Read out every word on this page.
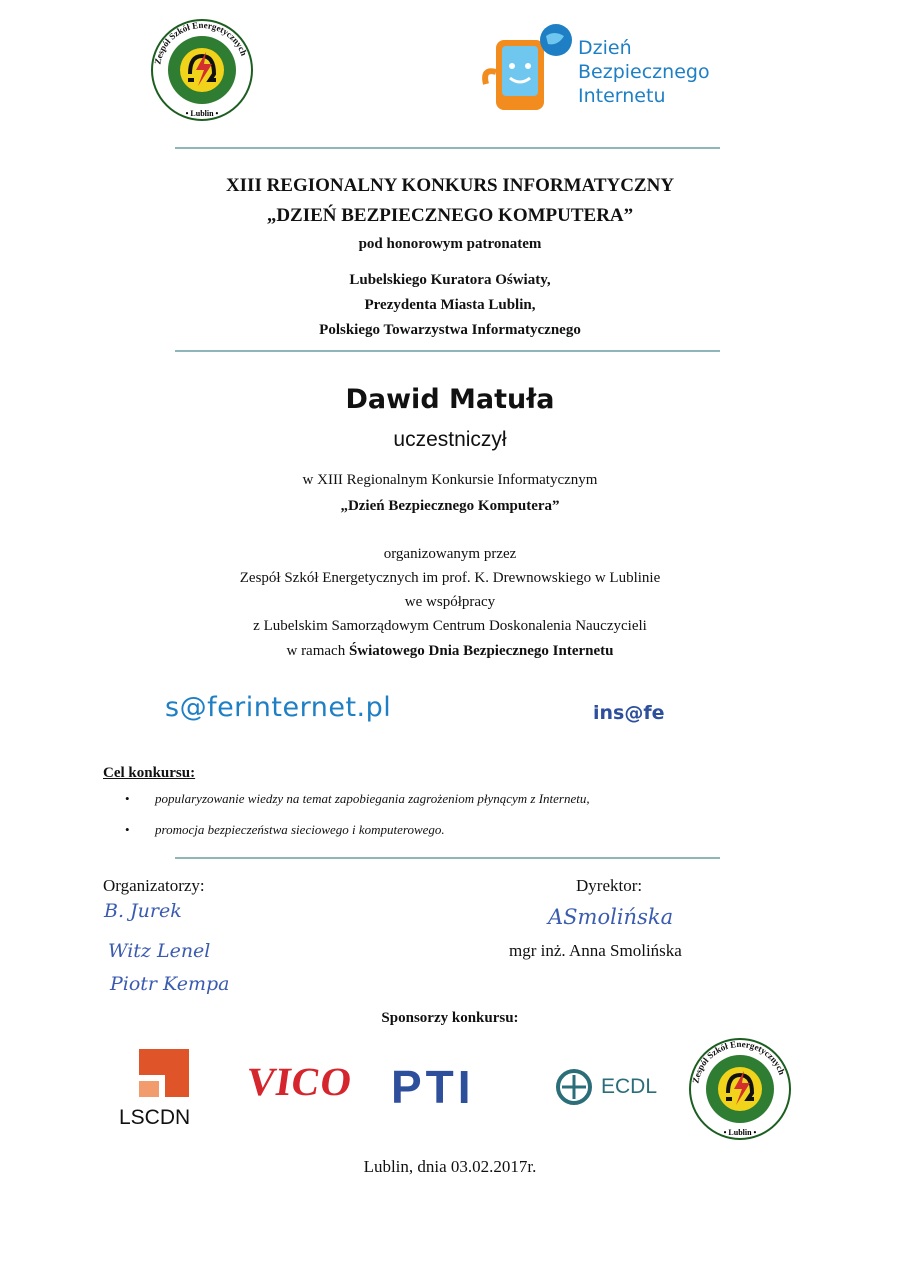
Zespół Szkół Energetycznych
• Lublin •
Dzień
Bezpiecznego
Internetu
XIII REGIONALNY KONKURS INFORMATYCZNY
„DZIEŃ BEZPIECZNEGO KOMPUTERA”
pod honorowym patronatem
Lubelskiego Kuratora Oświaty,
Prezydenta Miasta Lublin,
Polskiego Towarzystwa Informatycznego
Dawid Matuła
uczestniczył
w XIII Regionalnym Konkursie Informatycznym
„Dzień Bezpiecznego Komputera”
organizowanym przez
Zespół Szkół Energetycznych im prof. K. Drewnowskiego w Lublinie
we współpracy
z Lubelskim Samorządowym Centrum Doskonalenia Nauczycieli
w ramach Światowego Dnia Bezpiecznego Internetu
s@ferinternet.pl	ins@fe
Cel konkursu:
• popularyzowanie wiedzy na temat zapobiegania zagrożeniom płynącym z Internetu,
• promocja bezpieczeństwa sieciowego i komputerowego.
Organizatorzy:
B. Jurek
Witz Lenel
Piotr Kempa
Dyrektor:
ASmolińska
mgr inż. Anna Smolińska
Sponsorzy konkursu:
LSCDN
VICO PTI	ECDL	Zespół Szkół Energetycznych
• Lublin •
Lublin, dnia 03.02.2017r.
